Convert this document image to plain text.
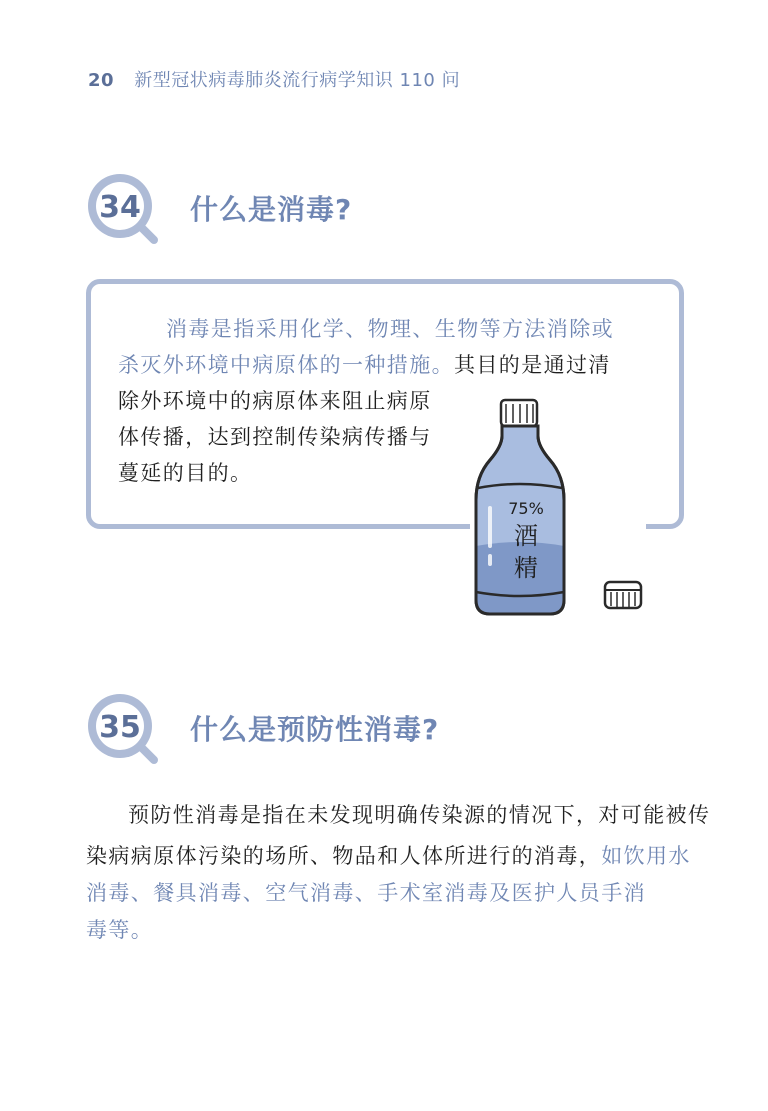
20 新型冠状病毒肺炎流行病学知识 110 问
34 什么是消毒?
消毒是指采用化学、物理、生物等方法消除或
杀灭外环境中病原体的一种措施。其目的是通过清
除外环境中的病原体来阻止病原
体传播，达到控制传染病传播与
蔓延的目的。
75%
酒
精
35 什么是预防性消毒?
预防性消毒是指在未发现明确传染源的情况下，对可能被传
染病病原体污染的场所、物品和人体所进行的消毒，如饮用水
消毒、餐具消毒、空气消毒、手术室消毒及医护人员手消
毒等。
